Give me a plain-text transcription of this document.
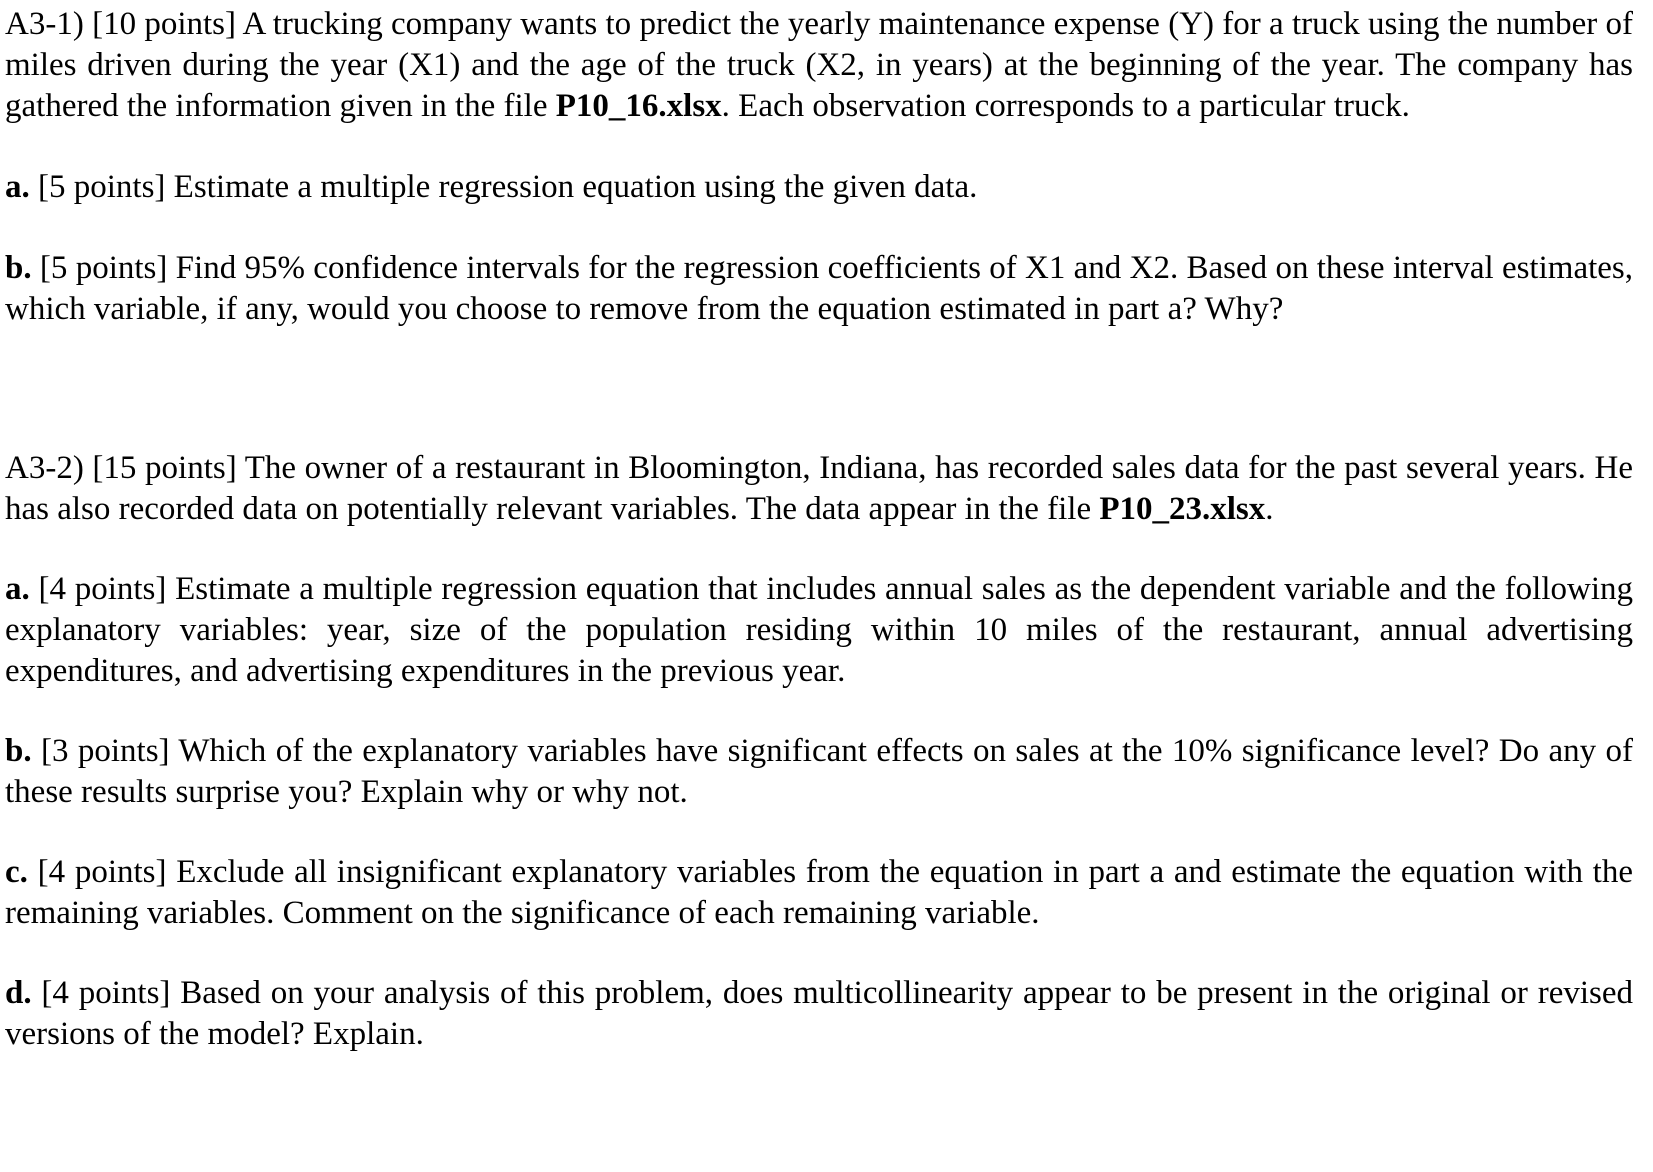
A3-1) [10 points] A trucking company wants to predict the yearly maintenance expense (Y) for a truck using the number of miles driven during the year (X1) and the age of the truck (X2, in years) at the beginning of the year. The company has gathered the information given in the file P10_16.xlsx. Each observation corresponds to a particular truck.

a. [5 points] Estimate a multiple regression equation using the given data.

b. [5 points] Find 95% confidence intervals for the regression coefficients of X1 and X2. Based on these interval estimates, which variable, if any, would you choose to remove from the equation estimated in part a? Why?

A3-2) [15 points] The owner of a restaurant in Bloomington, Indiana, has recorded sales data for the past several years. He has also recorded data on potentially relevant variables. The data appear in the file P10_23.xlsx.

a. [4 points] Estimate a multiple regression equation that includes annual sales as the dependent variable and the following explanatory variables: year, size of the population residing within 10 miles of the restaurant, annual advertising expenditures, and advertising expenditures in the previous year.

b. [3 points] Which of the explanatory variables have significant effects on sales at the 10% significance level? Do any of these results surprise you? Explain why or why not.

c. [4 points] Exclude all insignificant explanatory variables from the equation in part a and estimate the equation with the remaining variables. Comment on the significance of each remaining variable.

d. [4 points] Based on your analysis of this problem, does multicollinearity appear to be present in the original or revised versions of the model? Explain.
